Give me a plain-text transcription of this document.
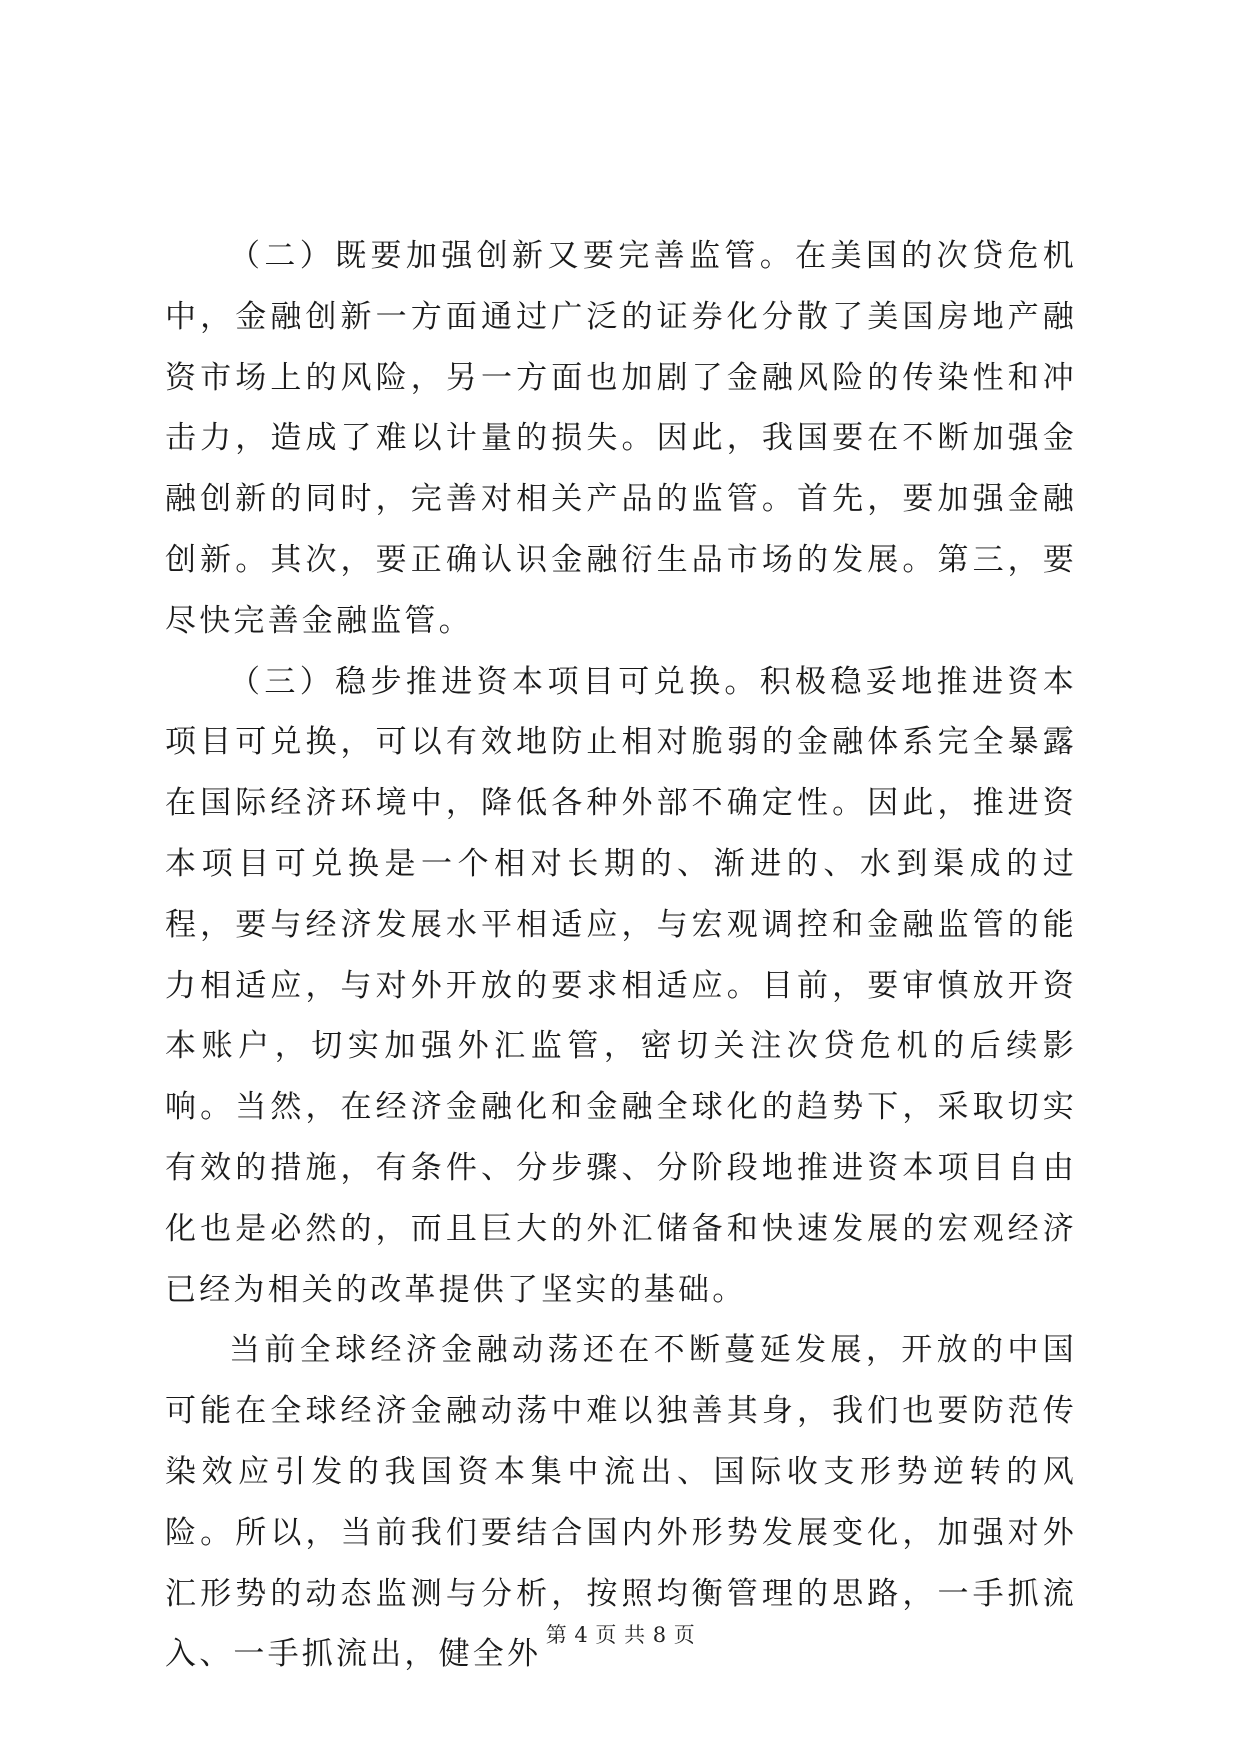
（二）既要加强创新又要完善监管。在美国的次贷危机中，金融创新一方面通过广泛的证券化分散了美国房地产融资市场上的风险，另一方面也加剧了金融风险的传染性和冲击力，造成了难以计量的损失。因此，我国要在不断加强金融创新的同时，完善对相关产品的监管。首先，要加强金融创新。其次，要正确认识金融衍生品市场的发展。第三，要尽快完善金融监管。

（三）稳步推进资本项目可兑换。积极稳妥地推进资本项目可兑换，可以有效地防止相对脆弱的金融体系完全暴露在国际经济环境中，降低各种外部不确定性。因此，推进资本项目可兑换是一个相对长期的、渐进的、水到渠成的过程，要与经济发展水平相适应，与宏观调控和金融监管的能力相适应，与对外开放的要求相适应。目前，要审慎放开资本账户，切实加强外汇监管，密切关注次贷危机的后续影响。当然，在经济金融化和金融全球化的趋势下，采取切实有效的措施，有条件、分步骤、分阶段地推进资本项目自由化也是必然的，而且巨大的外汇储备和快速发展的宏观经济已经为相关的改革提供了坚实的基础。

当前全球经济金融动荡还在不断蔓延发展，开放的中国可能在全球经济金融动荡中难以独善其身，我们也要防范传染效应引发的我国资本集中流出、国际收支形势逆转的风险。所以，当前我们要结合国内外形势发展变化，加强对外汇形势的动态监测与分析，按照均衡管理的思路，一手抓流入、一手抓流出，健全外

第 4 页 共 8 页
